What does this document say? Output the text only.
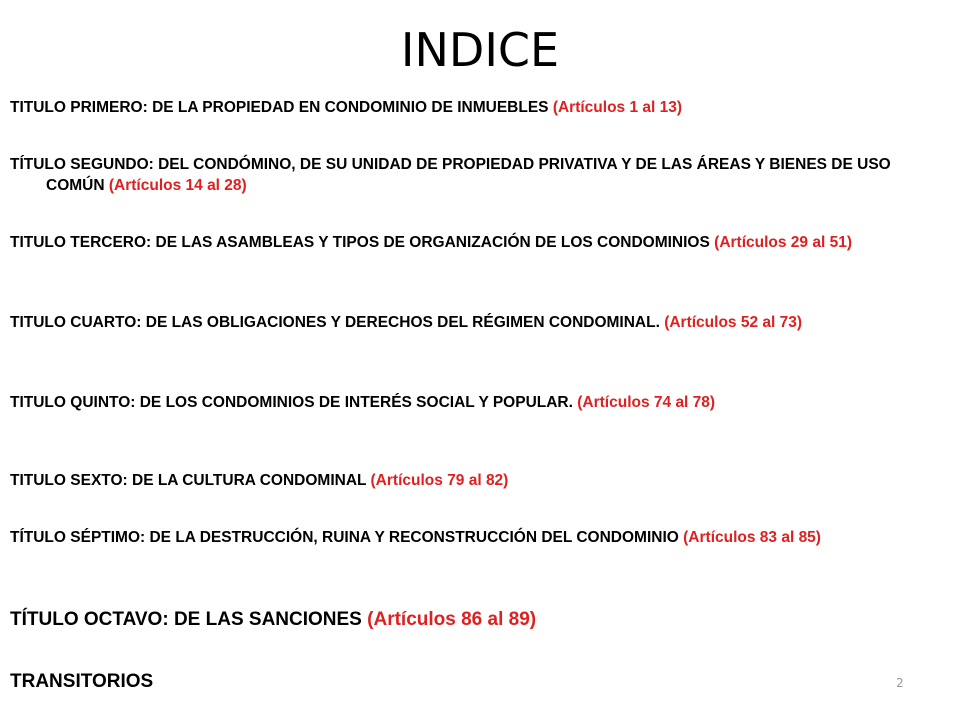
INDICE

TITULO PRIMERO: DE LA PROPIEDAD EN CONDOMINIO DE INMUEBLES (Artículos 1 al 13)

TÍTULO SEGUNDO: DEL CONDÓMINO, DE SU UNIDAD DE PROPIEDAD PRIVATIVA Y DE LAS ÁREAS Y BIENES DE USO COMÚN (Artículos 14 al 28)

TITULO TERCERO: DE LAS ASAMBLEAS Y TIPOS DE ORGANIZACIÓN DE LOS CONDOMINIOS (Artículos 29 al 51)

TITULO CUARTO: DE LAS OBLIGACIONES Y DERECHOS DEL RÉGIMEN CONDOMINAL. (Artículos 52 al 73)

TITULO QUINTO: DE LOS CONDOMINIOS DE INTERÉS SOCIAL Y POPULAR. (Artículos 74 al 78)

TITULO SEXTO: DE LA CULTURA CONDOMINAL (Artículos 79 al 82)

TÍTULO SÉPTIMO: DE LA DESTRUCCIÓN, RUINA Y RECONSTRUCCIÓN DEL CONDOMINIO (Artículos 83 al 85)

TÍTULO OCTAVO: DE LAS SANCIONES (Artículos 86 al 89)

TRANSITORIOS	2
